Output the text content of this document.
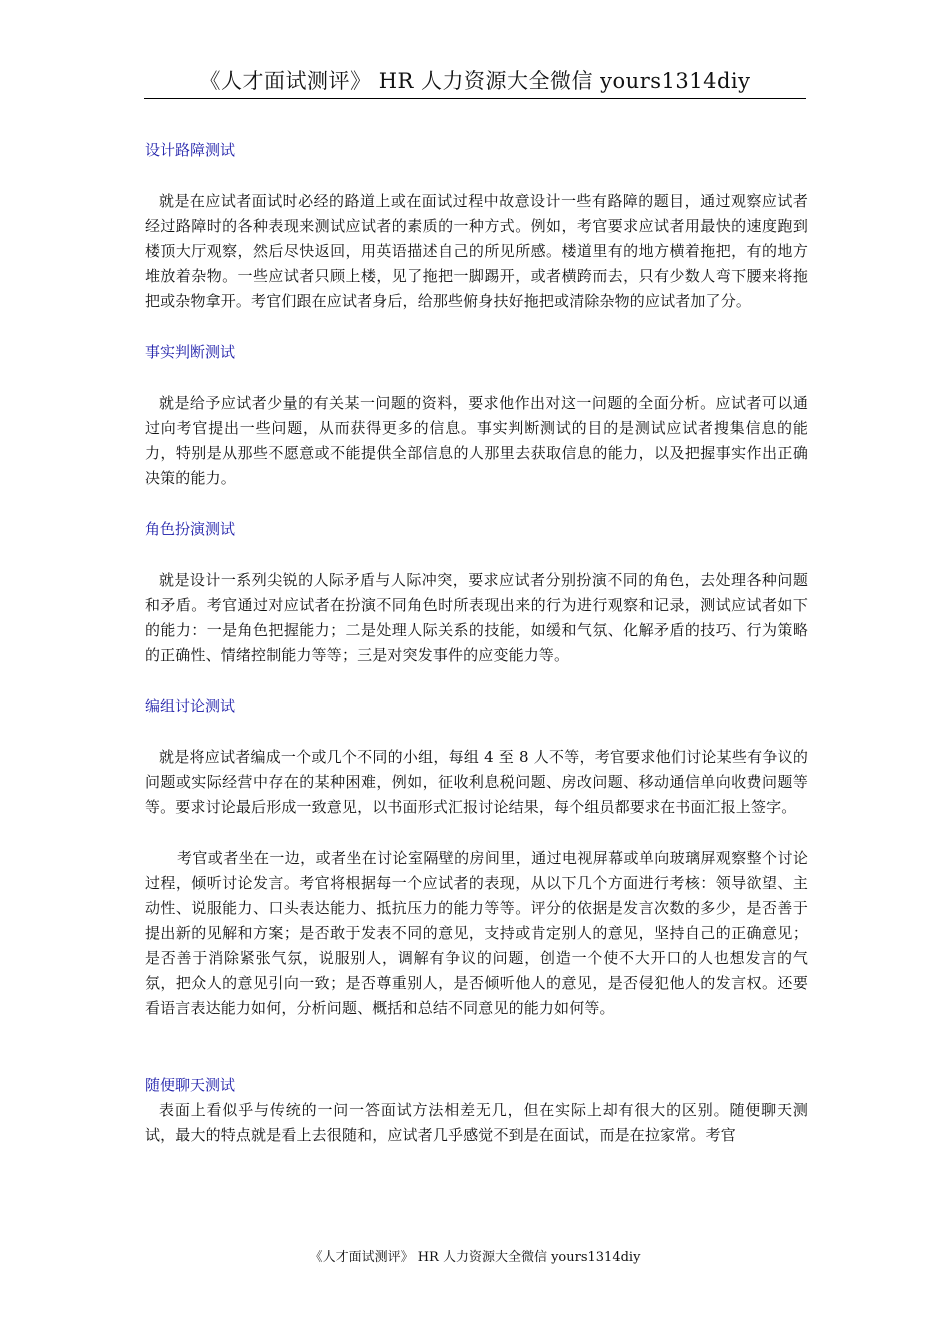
《人才面试测评》 HR 人力资源大全微信 yours1314diy

设计路障测试

就是在应试者面试时必经的路道上或在面试过程中故意设计一些有路障的题目，通过观察应试者经过路障时的各种表现来测试应试者的素质的一种方式。例如，考官要求应试者用最快的速度跑到楼顶大厅观察，然后尽快返回，用英语描述自己的所见所感。楼道里有的地方横着拖把，有的地方堆放着杂物。一些应试者只顾上楼，见了拖把一脚踢开，或者横跨而去，只有少数人弯下腰来将拖把或杂物拿开。考官们跟在应试者身后，给那些俯身扶好拖把或清除杂物的应试者加了分。

事实判断测试

就是给予应试者少量的有关某一问题的资料，要求他作出对这一问题的全面分析。应试者可以通过向考官提出一些问题，从而获得更多的信息。事实判断测试的目的是测试应试者搜集信息的能力，特别是从那些不愿意或不能提供全部信息的人那里去获取信息的能力，以及把握事实作出正确决策的能力。

角色扮演测试

就是设计一系列尖锐的人际矛盾与人际冲突，要求应试者分别扮演不同的角色，去处理各种问题和矛盾。考官通过对应试者在扮演不同角色时所表现出来的行为进行观察和记录，测试应试者如下的能力：一是角色把握能力；二是处理人际关系的技能，如缓和气氛、化解矛盾的技巧、行为策略的正确性、情绪控制能力等等；三是对突发事件的应变能力等。

编组讨论测试

就是将应试者编成一个或几个不同的小组，每组 4 至 8 人不等，考官要求他们讨论某些有争议的问题或实际经营中存在的某种困难，例如，征收利息税问题、房改问题、移动通信单向收费问题等等。要求讨论最后形成一致意见，以书面形式汇报讨论结果，每个组员都要求在书面汇报上签字。

考官或者坐在一边，或者坐在讨论室隔壁的房间里，通过电视屏幕或单向玻璃屏观察整个讨论过程，倾听讨论发言。考官将根据每一个应试者的表现，从以下几个方面进行考核：领导欲望、主动性、说服能力、口头表达能力、抵抗压力的能力等等。评分的依据是发言次数的多少，是否善于提出新的见解和方案；是否敢于发表不同的意见，支持或肯定别人的意见，坚持自己的正确意见；是否善于消除紧张气氛，说服别人，调解有争议的问题，创造一个使不大开口的人也想发言的气氛，把众人的意见引向一致；是否尊重别人，是否倾听他人的意见，是否侵犯他人的发言权。还要看语言表达能力如何，分析问题、概括和总结不同意见的能力如何等。

随便聊天测试

表面上看似乎与传统的一问一答面试方法相差无几，但在实际上却有很大的区别。随便聊天测试，最大的特点就是看上去很随和，应试者几乎感觉不到是在面试，而是在拉家常。考官

《人才面试测评》 HR 人力资源大全微信 yours1314diy
